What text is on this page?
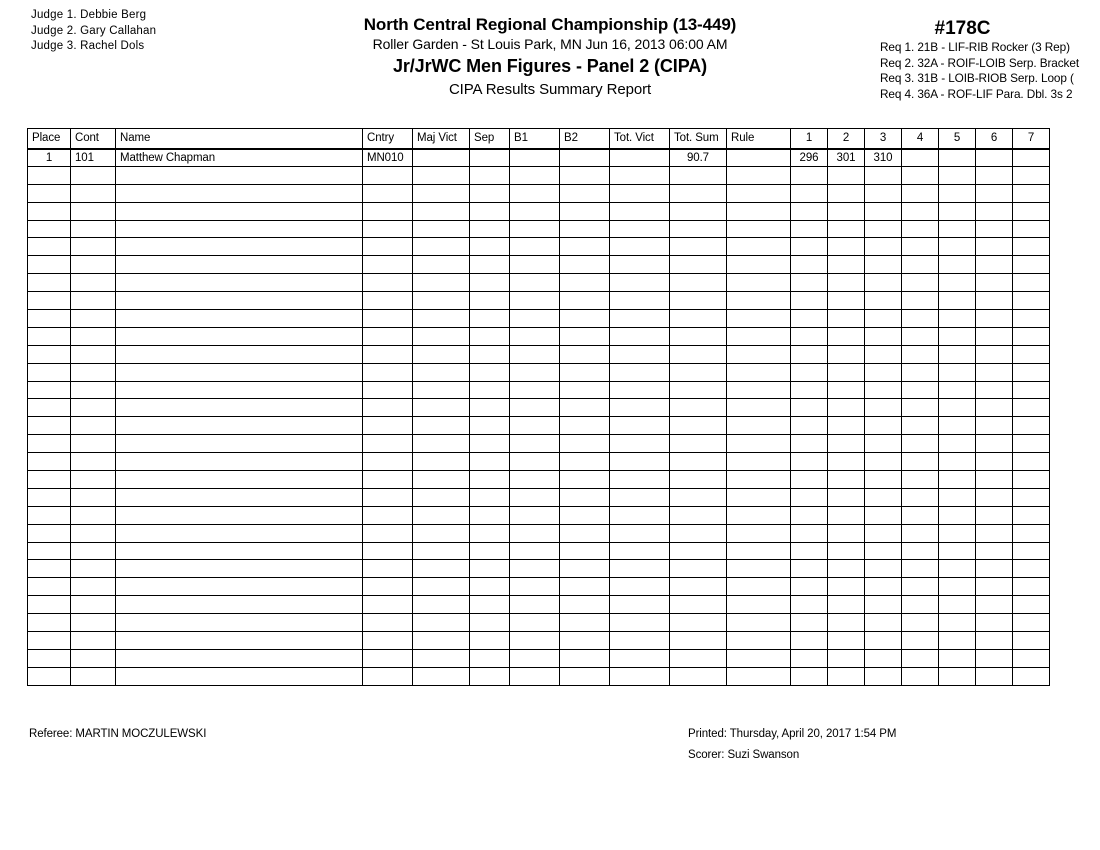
Judge 1. Debbie Berg
Judge 2. Gary Callahan
Judge 3. Rachel Dols
North Central Regional Championship (13-449)
Roller Garden - St Louis Park, MN Jun 16, 2013 06:00 AM
Jr/JrWC Men Figures - Panel 2 (CIPA)
CIPA Results Summary Report
#178C
Req 1. 21B - LIF-RIB Rocker (3 Rep)
Req 2. 32A - ROIF-LOIB Serp. Bracket
Req 3. 31B - LOIB-RIOB Serp. Loop (
Req 4. 36A - ROF-LIF Para. Dbl. 3s 2
Place	Cont	Name	Cntry	Maj Vict	Sep	B1	B2	Tot. Vict	Tot. Sum	Rule	1	2	3	4	5	6	7
1	101	Matthew Chapman	MN010						90.7		296	301	310				

Referee: MARTIN MOCZULEWSKI	Printed: Thursday, April 20, 2017 1:54 PM
Scorer: Suzi Swanson
